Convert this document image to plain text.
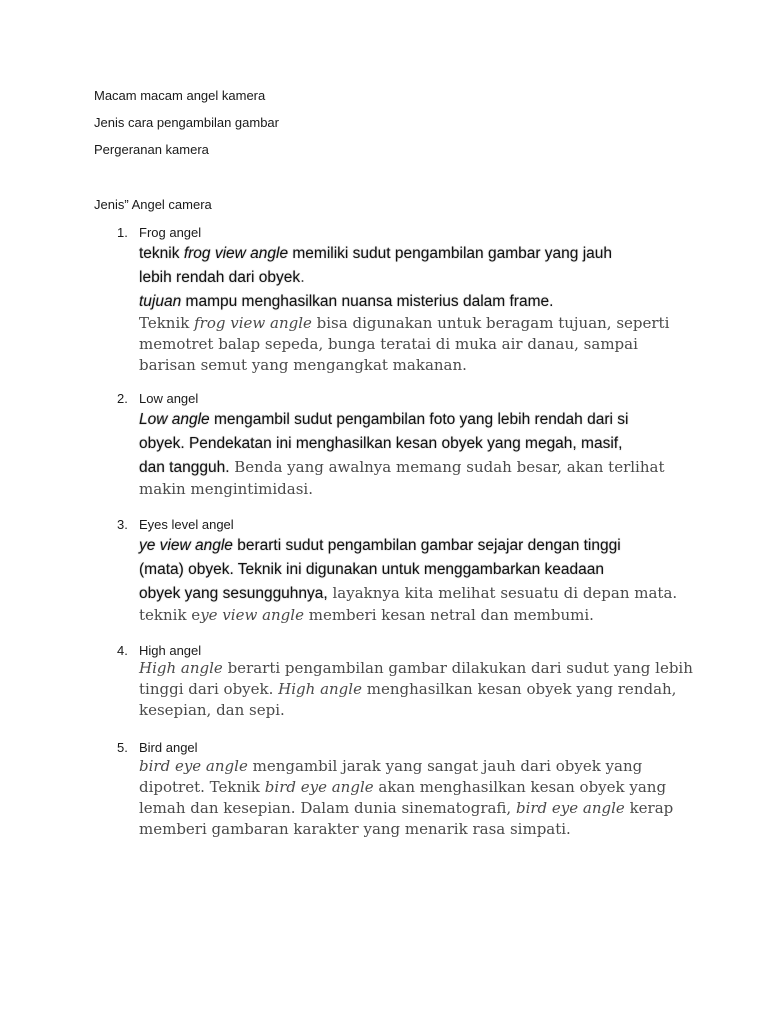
Macam macam angel kamera
Jenis cara pengambilan gambar
Pergeranan kamera
Jenis” Angel camera
1. Frog angel
teknik frog view angle memiliki sudut pengambilan gambar yang jauh
lebih rendah dari obyek.
tujuan mampu menghasilkan nuansa misterius dalam frame.
Teknik frog view angle bisa digunakan untuk beragam tujuan, seperti
memotret balap sepeda, bunga teratai di muka air danau, sampai
barisan semut yang mengangkat makanan.
2. Low angel
Low angle mengambil sudut pengambilan foto yang lebih rendah dari si
obyek. Pendekatan ini menghasilkan kesan obyek yang megah, masif,
dan tangguh. Benda yang awalnya memang sudah besar, akan terlihat
makin mengintimidasi.
3. Eyes level angel
ye view angle berarti sudut pengambilan gambar sejajar dengan tinggi
(mata) obyek. Teknik ini digunakan untuk menggambarkan keadaan
obyek yang sesungguhnya, layaknya kita melihat sesuatu di depan mata.
teknik eye view angle memberi kesan netral dan membumi.
4. High angel
High angle berarti pengambilan gambar dilakukan dari sudut yang lebih
tinggi dari obyek. High angle menghasilkan kesan obyek yang rendah,
kesepian, dan sepi.
5. Bird angel
bird eye angle mengambil jarak yang sangat jauh dari obyek yang
dipotret. Teknik bird eye angle akan menghasilkan kesan obyek yang
lemah dan kesepian. Dalam dunia sinematografi, bird eye angle kerap
memberi gambaran karakter yang menarik rasa simpati.
